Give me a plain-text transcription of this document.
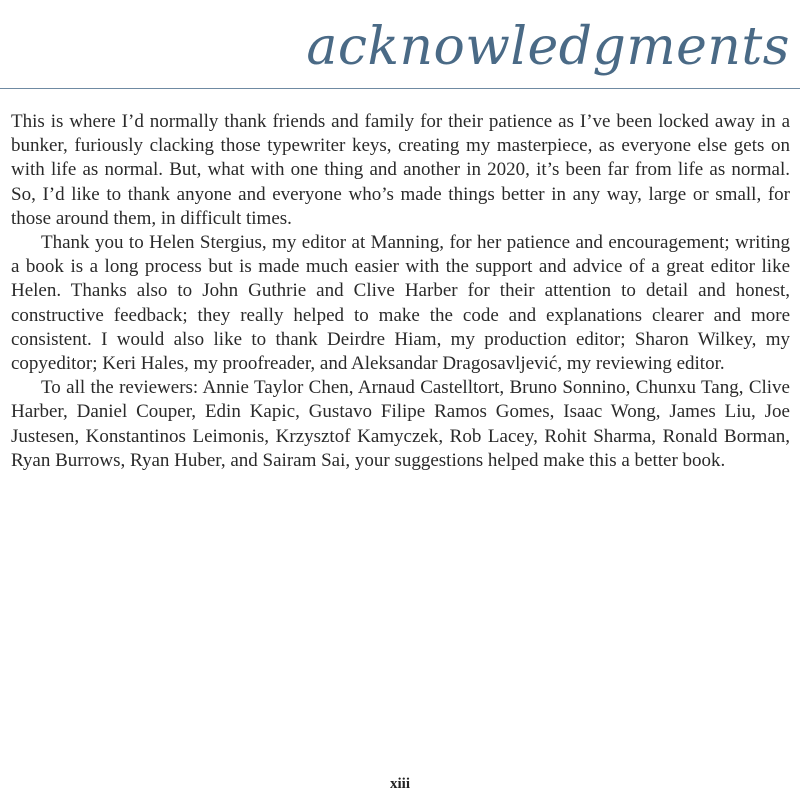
acknowledgments

This is where I’d normally thank friends and family for their patience as I’ve been locked away in a bunker, furiously clacking those typewriter keys, creating my masterpiece, as everyone else gets on with life as normal. But, what with one thing and another in 2020, it’s been far from life as normal. So, I’d like to thank anyone and everyone who’s made things better in any way, large or small, for those around them, in difficult times.

Thank you to Helen Stergius, my editor at Manning, for her patience and encouragement; writing a book is a long process but is made much easier with the support and advice of a great editor like Helen. Thanks also to John Guthrie and Clive Harber for their attention to detail and honest, constructive feedback; they really helped to make the code and explanations clearer and more consistent. I would also like to thank Deirdre Hiam, my production editor; Sharon Wilkey, my copyeditor; Keri Hales, my proofreader, and Aleksandar Dragosavljević, my reviewing editor.

To all the reviewers: Annie Taylor Chen, Arnaud Castelltort, Bruno Sonnino, Chunxu Tang, Clive Harber, Daniel Couper, Edin Kapic, Gustavo Filipe Ramos Gomes, Isaac Wong, James Liu, Joe Justesen, Konstantinos Leimonis, Krzysztof Kamyczek, Rob Lacey, Rohit Sharma, Ronald Borman, Ryan Burrows, Ryan Huber, and Sairam Sai, your suggestions helped make this a better book.

xiii
